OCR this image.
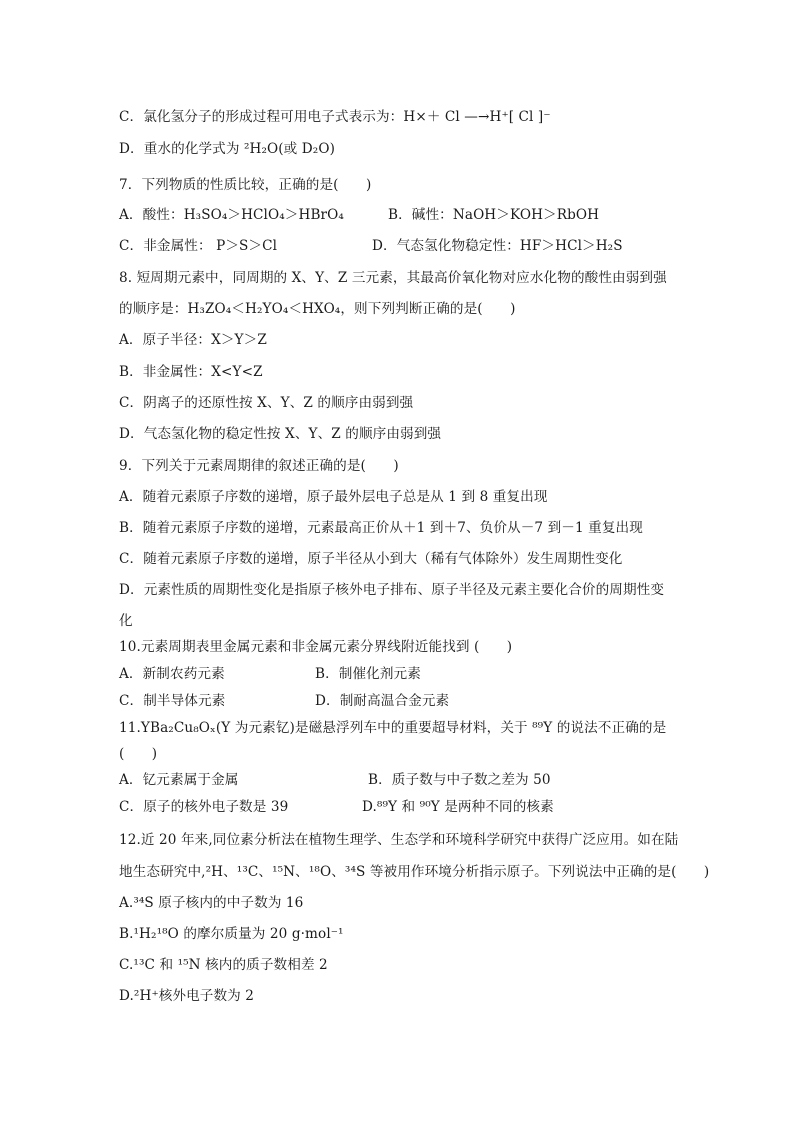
C．氯化氢分子的形成过程可用电子式表示为：H×＋ Cl —→H⁺[ Cl ]⁻
D．重水的化学式为 ²H₂O(或 D₂O)
7．下列物质的性质比较，正确的是(　　)
A．酸性：H₃SO₄＞HClO₄＞HBrO₄	B．碱性：NaOH＞KOH＞RbOH
C．非金属性： P＞S＞Cl	D．气态氢化物稳定性：HF＞HCl＞H₂S
8. 短周期元素中，同周期的 X、Y、Z 三元素，其最高价氧化物对应水化物的酸性由弱到强
的顺序是：H₃ZO₄＜H₂YO₄＜HXO₄，则下列判断正确的是(　　)
A．原子半径：X＞Y＞Z
B．非金属性：X<Y<Z
C．阴离子的还原性按 X、Y、Z 的顺序由弱到强
D．气态氢化物的稳定性按 X、Y、Z 的顺序由弱到强
9．下列关于元素周期律的叙述正确的是(　　)
A．随着元素原子序数的递增，原子最外层电子总是从 1 到 8 重复出现
B．随着元素原子序数的递增，元素最高正价从＋1 到＋7、负价从－7 到－1 重复出现
C．随着元素原子序数的递增，原子半径从小到大（稀有气体除外）发生周期性变化
D．元素性质的周期性变化是指原子核外电子排布、原子半径及元素主要化合价的周期性变
化
10.元素周期表里金属元素和非金属元素分界线附近能找到 (　　)
A．新制农药元素	B．制催化剂元素
C．制半导体元素	D．制耐高温合金元素
11.YBa₂Cu₈Oₓ(Y 为元素钇)是磁悬浮列车中的重要超导材料，关于 ⁸⁹Y 的说法不正确的是
(　　)
A．钇元素属于金属	B．质子数与中子数之差为 50
C．原子的核外电子数是 39	D.⁸⁹Y 和 ⁹⁰Y 是两种不同的核素
12.近 20 年来,同位素分析法在植物生理学、生态学和环境科学研究中获得广泛应用。如在陆
地生态研究中,²H、¹³C、¹⁵N、¹⁸O、³⁴S 等被用作环境分析指示原子。下列说法中正确的是(　　)
A.³⁴S 原子核内的中子数为 16
B.¹H₂¹⁸O 的摩尔质量为 20 g·mol⁻¹
C.¹³C 和 ¹⁵N 核内的质子数相差 2
D.²H⁺核外电子数为 2
